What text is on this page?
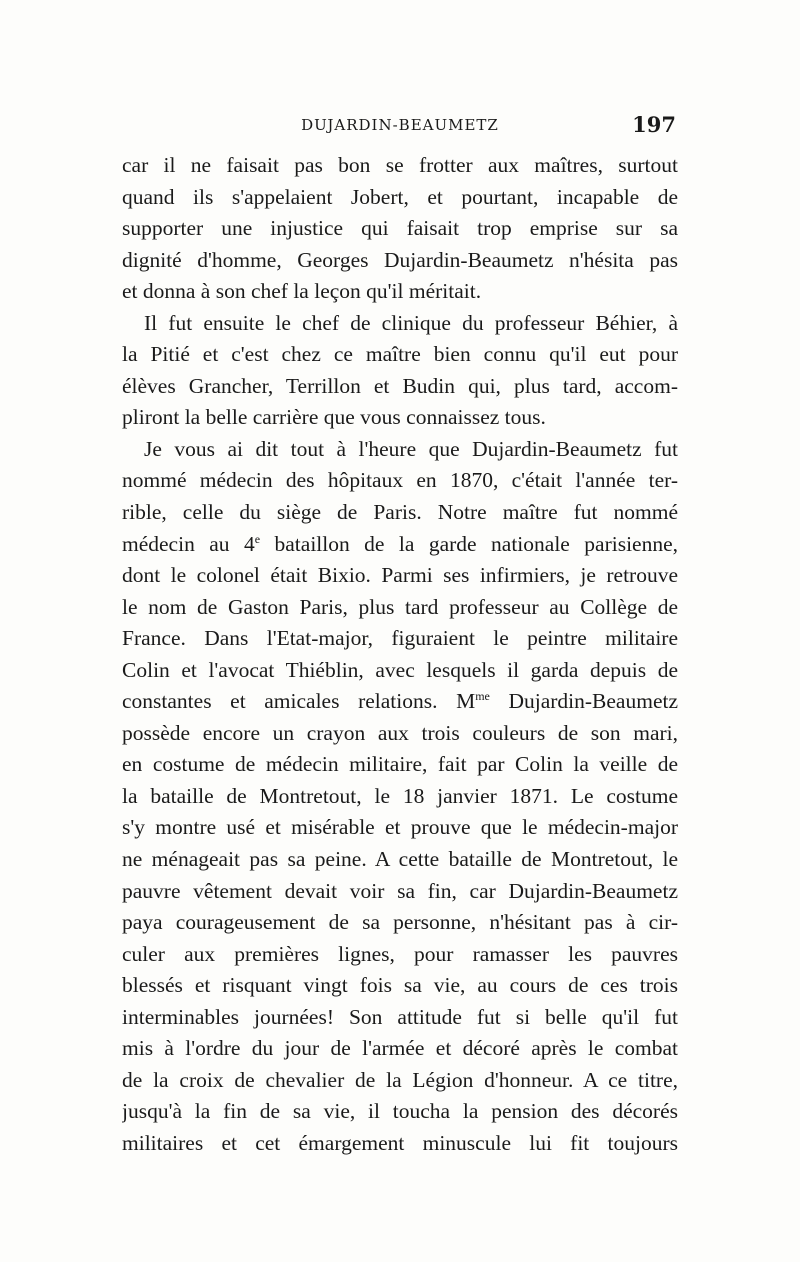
DUJARDIN-BEAUMETZ	197
car il ne faisait pas bon se frotter aux maîtres, surtout
quand ils s'appelaient Jobert, et pourtant, incapable de
supporter une injustice qui faisait trop emprise sur sa
dignité d'homme, Georges Dujardin-Beaumetz n'hésita pas
et donna à son chef la leçon qu'il méritait.
Il fut ensuite le chef de clinique du professeur Béhier, à
la Pitié et c'est chez ce maître bien connu qu'il eut pour
élèves Grancher, Terrillon et Budin qui, plus tard, accom-
pliront la belle carrière que vous connaissez tous.
Je vous ai dit tout à l'heure que Dujardin-Beaumetz fut
nommé médecin des hôpitaux en 1870, c'était l'année ter-
rible, celle du siège de Paris. Notre maître fut nommé
médecin au 4e bataillon de la garde nationale parisienne,
dont le colonel était Bixio. Parmi ses infirmiers, je retrouve
le nom de Gaston Paris, plus tard professeur au Collège de
France. Dans l'Etat-major, figuraient le peintre militaire
Colin et l'avocat Thiéblin, avec lesquels il garda depuis de
constantes et amicales relations. $M^{me}$ Dujardin-Beaumetz
possède encore un crayon aux trois couleurs de son mari,
en costume de médecin militaire, fait par Colin la veille de
la bataille de Montretout, le 18 janvier 1871. Le costume
s'y montre usé et misérable et prouve que le médecin-major
ne ménageait pas sa peine. A cette bataille de Montretout, le
pauvre vêtement devait voir sa fin, car Dujardin-Beaumetz
paya courageusement de sa personne, n'hésitant pas à cir-
culer aux premières lignes, pour ramasser les pauvres
blessés et risquant vingt fois sa vie, au cours de ces trois
interminables journées! Son attitude fut si belle qu'il fut
mis à l'ordre du jour de l'armée et décoré après le combat
de la croix de chevalier de la Légion d'honneur. A ce titre,
jusqu'à la fin de sa vie, il toucha la pension des décorés
militaires et cet émargement minuscule lui fit toujours
